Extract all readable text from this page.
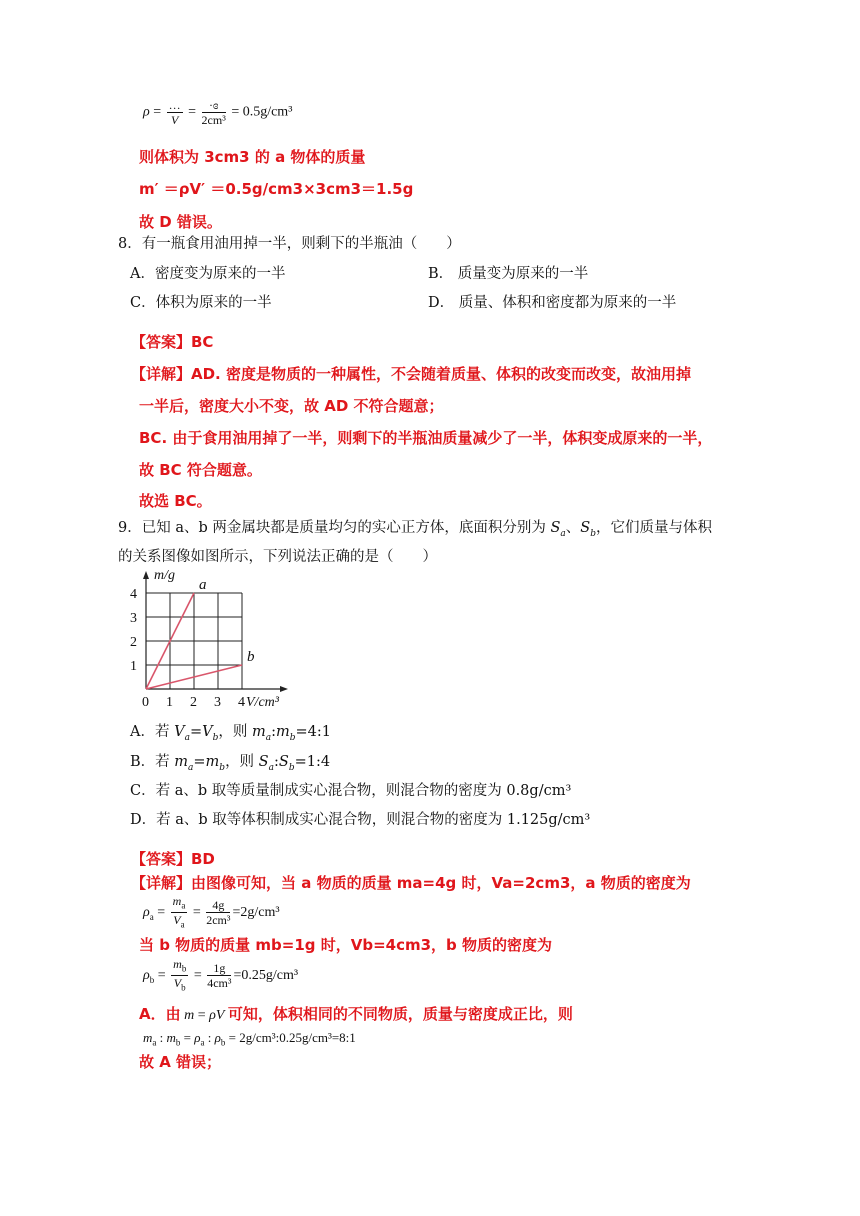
$\rho = \frac{\dots}{V} = \frac{\text{·ɞ}}{\text{2cm³}} = 0.5g/cm^3$
则体积为 3cm3 的 a 物体的质量
m′ ＝ρV′ ＝0.5g/cm3×3cm3＝1.5g
故 D 错误。
8．有一瓶食用油用掉一半，则剩下的半瓶油（　　）
A．密度变为原来的一半	B． 质量变为原来的一半
C．体积为原来的一半	D． 质量、体积和密度都为原来的一半
【答案】BC
【详解】AD. 密度是物质的一种属性，不会随着质量、体积的改变而改变，故油用掉
一半后，密度大小不变，故 AD 不符合题意；
BC. 由于食用油用掉了一半，则剩下的半瓶油质量减少了一半，体积变成原来的一半，
故 BC 符合题意。
故选 BC。
9．已知 a、b 两金属块都是质量均匀的实心正方体，底面积分别为 $S_a$、$S_b$，它们质量与体积
的关系图像如图所示，下列说法正确的是（　　）
a
b
0 1 2 3 4
1
2
3
4
m/g
V/cm³
A．若 $V_a=V_b$，则 $m_a:m_b=4:1$
B．若 $m_a=m_b$，则 $S_a:S_b=1:4$
C．若 a、b 取等质量制成实心混合物，则混合物的密度为 0.8g/cm³
D．若 a、b 取等体积制成实心混合物，则混合物的密度为 1.125g/cm³
【答案】BD
【详解】由图像可知，当 a 物质的质量 ma=4g 时，Va=2cm3，a 物质的密度为
$\rho_a = \frac{m_a}{V_a} = \frac{4g}{\text{2cm³}} =2g/cm^3$
当 b 物质的质量 mb=1g 时，Vb=4cm3，b 物质的密度为
$\rho_b = \frac{m_b}{V_b} = \frac{1g}{\text{4cm³}} =0.25g/cm^3$
A．由 m = ρV 可知，体积相同的不同物质，质量与密度成正比，则
$m_a$ : $m_b = \rho_a$ : $\rho_b$ = 2g/cm³:0.25g/cm³=8:1
故 A 错误；
